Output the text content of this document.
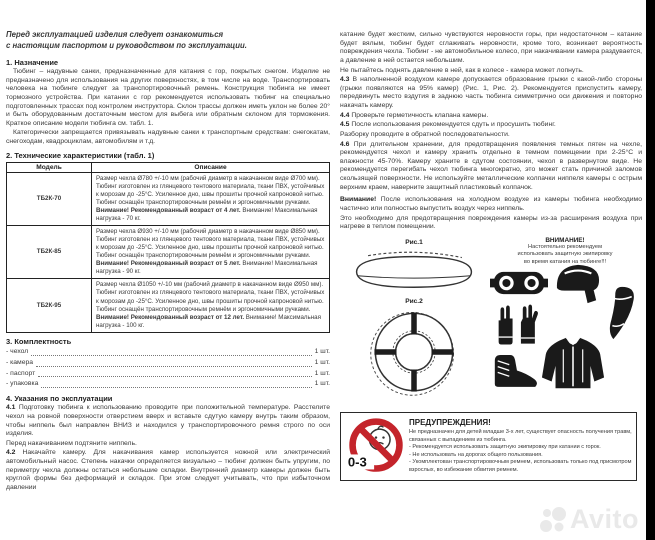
Перед эксплуатацией изделия следует ознакомиться
с настоящим паспортом и руководством по эксплуатации.
1. Назначение

Тюбинг – надувные санки, предназначенные для катания с гор, покрытых снегом. Изделие не предназначено для использования на других поверхностях, в том числе на воде. Транспортировать человека на тюбинге следует за транспортировочный ремень. Конструкция тюбинга не имеет тормозного устройства. При катании с гор рекомендуется использовать тюбинг на специально подготовленных трассах под контролем инструктора. Склон трассы должен иметь уклон не более 20° и быть оборудованным достаточным местом для выбега или обратным склоном для торможения. Краткое описание модели тюбинга см. табл. 1.

Категорически запрещается привязывать надувные санки к транспортным средствам: снегокатам, снегоходам, квадроциклам, автомобилям и т.д.

2. Технические характеристики (табл. 1)
Модель	Описание
ТБ2К-70	Размер чехла Ø780 +/-10 мм (рабочий диаметр в накачанном виде Ø700 мм). Тюбинг изготовлен из глянцевого тентового материала, ткани ПВХ, устойчивых к морозам до -25°С. Усиленное дно, швы прошиты прочной капроновой нитью. Тюбинг оснащён транспортировочным ремнём и эргономичными ручками. Внимание! Рекомендованный возраст от 4 лет. Внимание! Максимальная нагрузка - 70 кг.
ТБ2К-85	Размер чехла Ø930 +/-10 мм (рабочий диаметр в накачанном виде Ø850 мм). Тюбинг изготовлен из глянцевого тентового материала, ткани ПВХ, устойчивых к морозам до -25°С. Усиленное дно, швы прошиты прочной капроновой нитью. Тюбинг оснащён транспортировочным ремнём и эргономичными ручками. Внимание! Рекомендованный возраст от 5 лет. Внимание! Максимальная нагрузка - 90 кг.
ТБ2К-95	Размер чехла Ø1050 +/-10 мм (рабочий диаметр в накачанном виде Ø950 мм). Тюбинг изготовлен из глянцевого тентового материала, ткани ПВХ, устойчивых к морозам до -25°С. Усиленное дно, швы прошиты прочной капроновой нитью. Тюбинг оснащён транспортировочным ремнём и эргономичными ручками. Внимание! Рекомендованный возраст от 12 лет. Внимание! Максимальная нагрузка - 100 кг.
3. Комплектность
- чехол	1 шт.
- камера	1 шт.
- паспорт	1 шт.
- упаковка	1 шт.
4. Указания по эксплуатации

4.1 Подготовку тюбинга к использованию проводите при положительной температуре. Расстелите чехол на ровной поверхности отверстием вверх и вставьте сдутую камеру внутрь таким образом, чтобы ниппель был направлен ВНИЗ и находился у транспортировочного ремня строго по оси изделия.

Перед накачиванием подтяните ниппель.

4.2 Накачайте камеру. Для накачивания камер используется ножной или электрический автомобильный насос. Степень накачки определяется визуально – тюбинг должен быть упругим, по периметру чехла должны остаться небольшие складки. Внутренний диаметр камеры должен быть круглой формы без деформаций и складок. При этом следует учитывать, что при избыточном давлении

катание будет жестким, сильно чувствуются неровности горы, при недостаточном – катание будет вялым, тюбинг будет сглаживать неровности, кроме того, возникает вероятность повреждения чехла. Тюбинг - не автомобильное колесо, при накачивании камера раздувается, а давление в ней остается небольшим.

Не пытайтесь поднять давление в ней, как в колесе - камера может лопнуть.

4.3 В наполненной воздухом камере допускается образование грыжи с какой-либо стороны (грыжи появляются на 95% камер) (Рис. 1, Рис. 2). Рекомендуется приспустить камеру, передвинуть место вздутия в заднюю часть тюбинга симметрично оси движения и повторно накачать камеру.

4.4 Проверьте герметичность клапана камеры.

4.5 После использования рекомендуется сдуть и просушить тюбинг.

Разборку проводите в обратной последовательности.

4.6 При длительном хранении, для предотвращения появления темных пятен на чехле, рекомендуется чехол и камеру хранить отдельно в темном помещении при 2-25°С и влажности 45-70%. Камеру храните в сдутом состоянии, чехол в развернутом виде. Не рекомендуется перегибать чехол тюбинга многократно, это может стать причиной заломов скользящей поверхности. Не используйте металлические колпачки ниппеля камеры с острым верхним краем, наверните защитный пластиковый колпачок.

Внимание! После использования на холодном воздухе из камеры тюбинга необходимо частично или полностью выпустить воздух через ниппель.

Это необходимо для предотвращения повреждения камеры из-за расширения воздуха при нагреве в теплом помещении.

Рис.1
Рис.2
ВНИМАНИЕ!
Настоятельно рекомендуем
использовать защитную экипировку
во время катания на тюбинге!!!
0-3
ПРЕДУПРЕЖДЕНИЯ!
Не предназначен для детей младше 3-х лет, существует опасность получения травм, связанных с выпадением из тюбинга.
- Рекомендуется использовать защитную экипировку при катании с горок.
- Не использовать на дорогах общего пользования.
- Укомплектован транспортировочным ремнем, использовать только под присмотром взрослых, во избежание обвития ремнем.
Avito
